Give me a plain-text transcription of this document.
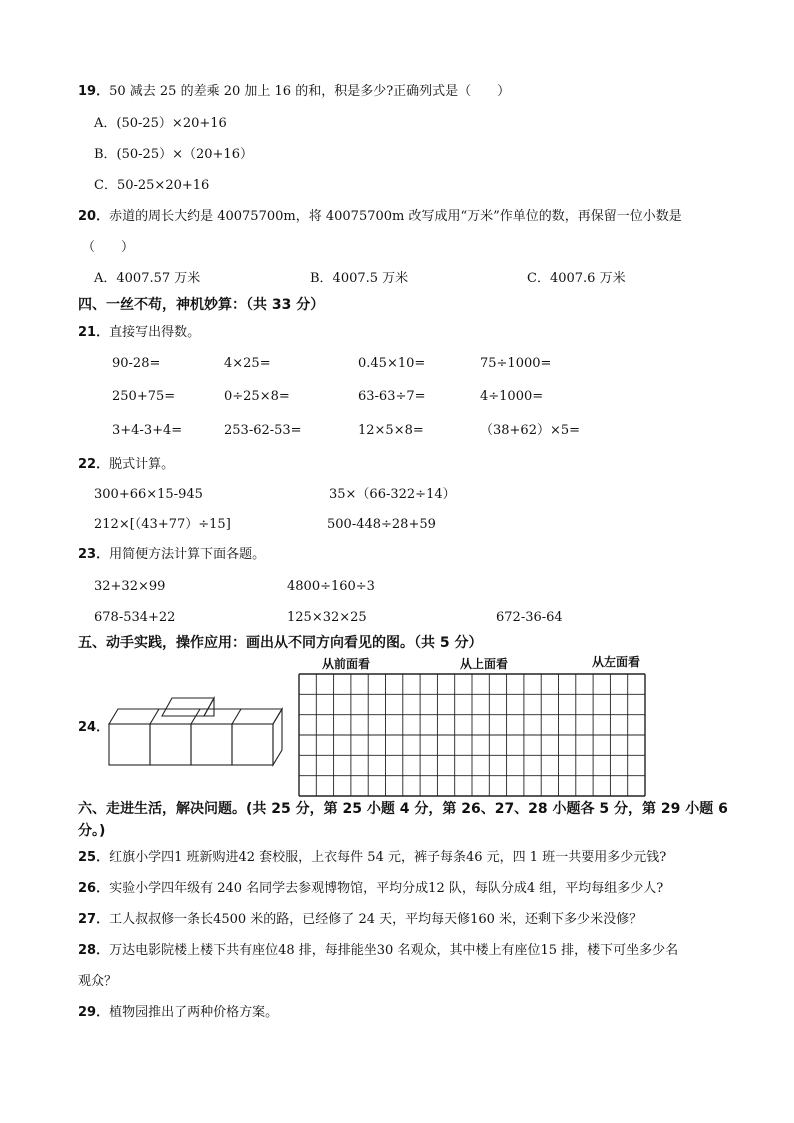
19．50 减去 25 的差乘 20 加上 16 的和，积是多少?正确列式是（　　）
A．(50-25）×20+16
B．(50-25）×（20+16）
C．50-25×20+16
20．赤道的周长大约是 40075700m，将 40075700m 改写成用“万米”作单位的数，再保留一位小数是
（　　）
A．4007.57 万米	B．4007.5 万米	C．4007.6 万米
四、一丝不苟，神机妙算：（共 33 分）
21．直接写出得数。
90-28=	4×25=	0.45×10=	75÷1000=
250+75=	0÷25×8=	63-63÷7=	4÷1000=
3+4-3+4=	253-62-53=	12×5×8=	（38+62）×5=
22．脱式计算。
300+66×15-945	35×（66-322÷14）
212×[（43+77）÷15]	500-448÷28+59
23．用简便方法计算下面各题。
32+32×99	4800÷160÷3
678-534+22	125×32×25	672-36-64
五、动手实践，操作应用：画出从不同方向看见的图。（共 5 分）
24．
从前面看	从上面看	从左面看
六、走进生活，解决问题。(共 25 分，第 25 小题 4 分，第 26、27、28 小题各 5 分，第 29 小题 6
分。)
25．红旗小学四1 班新购进42 套校服，上衣每件 54 元，裤子每条46 元，四 1 班一共要用多少元钱?
26．实验小学四年级有 240 名同学去参观博物馆，平均分成12 队，每队分成4 组，平均每组多少人?
27．工人叔叔修一条长4500 米的路，已经修了 24 天，平均每天修160 米，还剩下多少米没修？
28．万达电影院楼上楼下共有座位48 排，每排能坐30 名观众，其中楼上有座位15 排，楼下可坐多少名
观众？
29．植物园推出了两种价格方案。
